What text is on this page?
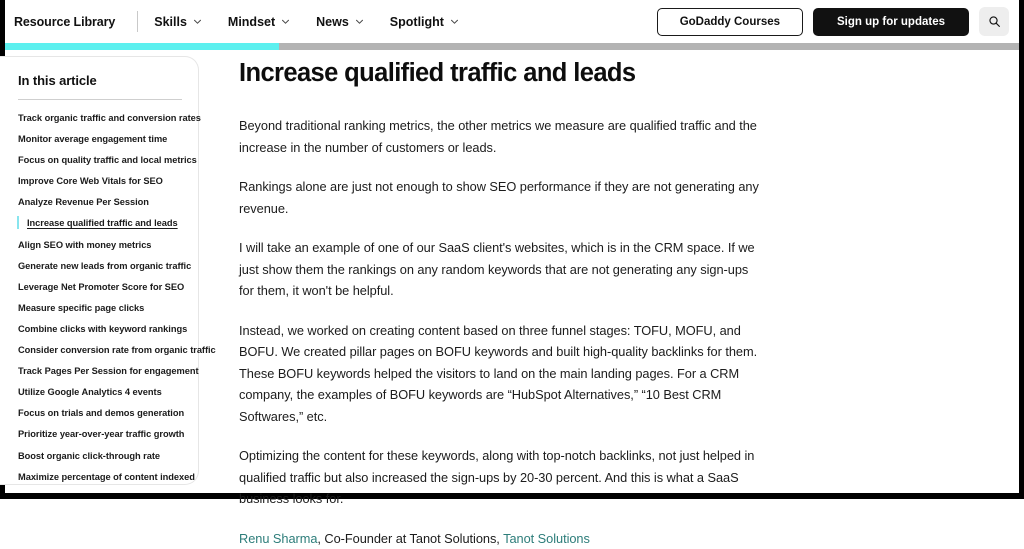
Resource Library	Skills	Mindset	News	Spotlight	GoDaddy Courses	Sign up for updates
In this article
Track organic traffic and conversion rates
Monitor average engagement time
Focus on quality traffic and local metrics
Improve Core Web Vitals for SEO
Analyze Revenue Per Session
Increase qualified traffic and leads
Align SEO with money metrics
Generate new leads from organic traffic
Leverage Net Promoter Score for SEO
Measure specific page clicks
Combine clicks with keyword rankings
Consider conversion rate from organic traffic
Track Pages Per Session for engagement
Utilize Google Analytics 4 events
Focus on trials and demos generation
Prioritize year-over-year traffic growth
Boost organic click-through rate
Maximize percentage of content indexed
Increase qualified traffic and leads

Beyond traditional ranking metrics, the other metrics we measure are qualified traffic and the increase in the number of customers or leads.

Rankings alone are just not enough to show SEO performance if they are not generating any revenue.

I will take an example of one of our SaaS client's websites, which is in the CRM space. If we just show them the rankings on any random keywords that are not generating any sign-ups for them, it won't be helpful.

Instead, we worked on creating content based on three funnel stages: TOFU, MOFU, and BOFU. We created pillar pages on BOFU keywords and built high-quality backlinks for them. These BOFU keywords helped the visitors to land on the main landing pages. For a CRM company, the examples of BOFU keywords are “HubSpot Alternatives,” “10 Best CRM Softwares,” etc.

Optimizing the content for these keywords, along with top-notch backlinks, not just helped in qualified traffic but also increased the sign-ups by 20-30 percent. And this is what a SaaS business looks for.

Renu Sharma, Co-Founder at Tanot Solutions, Tanot Solutions
